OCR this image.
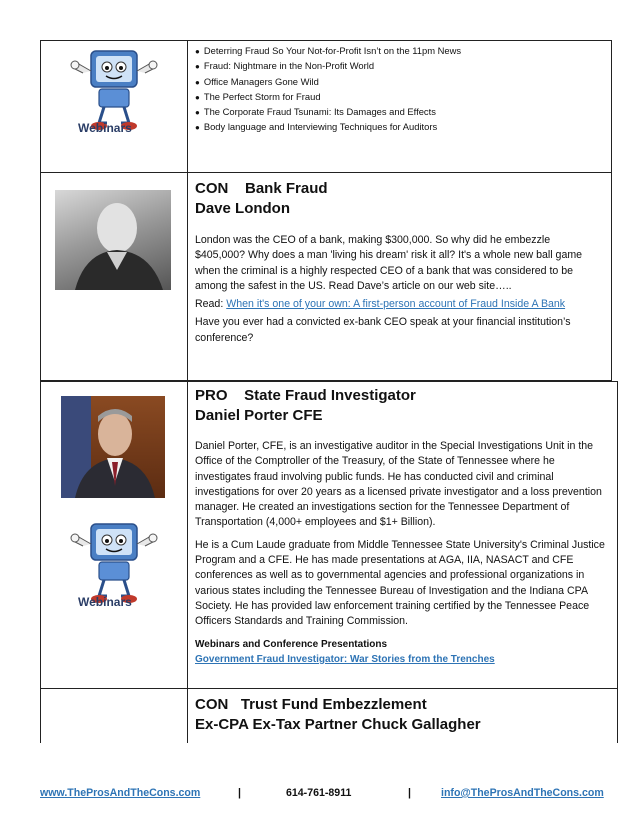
Webinars
● Deterring Fraud So Your Not-for-Profit Isn’t on the 11pm News
● Fraud: Nightmare in the Non-Profit World
● Office Managers Gone Wild
● The Perfect Storm for Fraud
● The Corporate Fraud Tsunami: Its Damages and Effects
● Body language and Interviewing Techniques for Auditors
CON    Bank Fraud
Dave London

London was the CEO of a bank, making $300,000. So why did he embezzle $405,000? Why does a man 'living his dream' risk it all? It's a whole new ball game when the criminal is a highly respected CEO of a bank that was considered to be among the safest in the US. Read Dave’s article on our web site…..

Read: When it's one of your own: A first-person account of Fraud Inside A Bank

Have you ever had a convicted ex-bank CEO speak at your financial institution’s conference?

Webinars
PRO    State Fraud Investigator
Daniel Porter CFE

Daniel Porter, CFE, is an investigative auditor in the Special Investigations Unit in the Office of the Comptroller of the Treasury, of the State of Tennessee where he investigates fraud involving public funds. He has conducted civil and criminal investigations for over 20 years as a licensed private investigator and a loss prevention manager. He created an investigations section for the Tennessee Department of Transportation (4,000+ employees and $1+ Billion).

He is a Cum Laude graduate from Middle Tennessee State University's Criminal Justice Program and a CFE. He has made presentations at AGA, IIA, NASACT and CFE conferences as well as to governmental agencies and professional organizations in various states including the Tennessee Bureau of Investigation and the Indiana CPA Society. He has provided law enforcement training certified by the Tennessee Peace Officers Standards and Training Commission.

Webinars and Conference Presentations

Government Fraud Investigator: War Stories from the Trenches

CON   Trust Fund Embezzlement
Ex-CPA Ex-Tax Partner Chuck Gallagher
www.TheProsAndTheCons.com	|	614-761-8911	|	info@TheProsAndTheCons.com
